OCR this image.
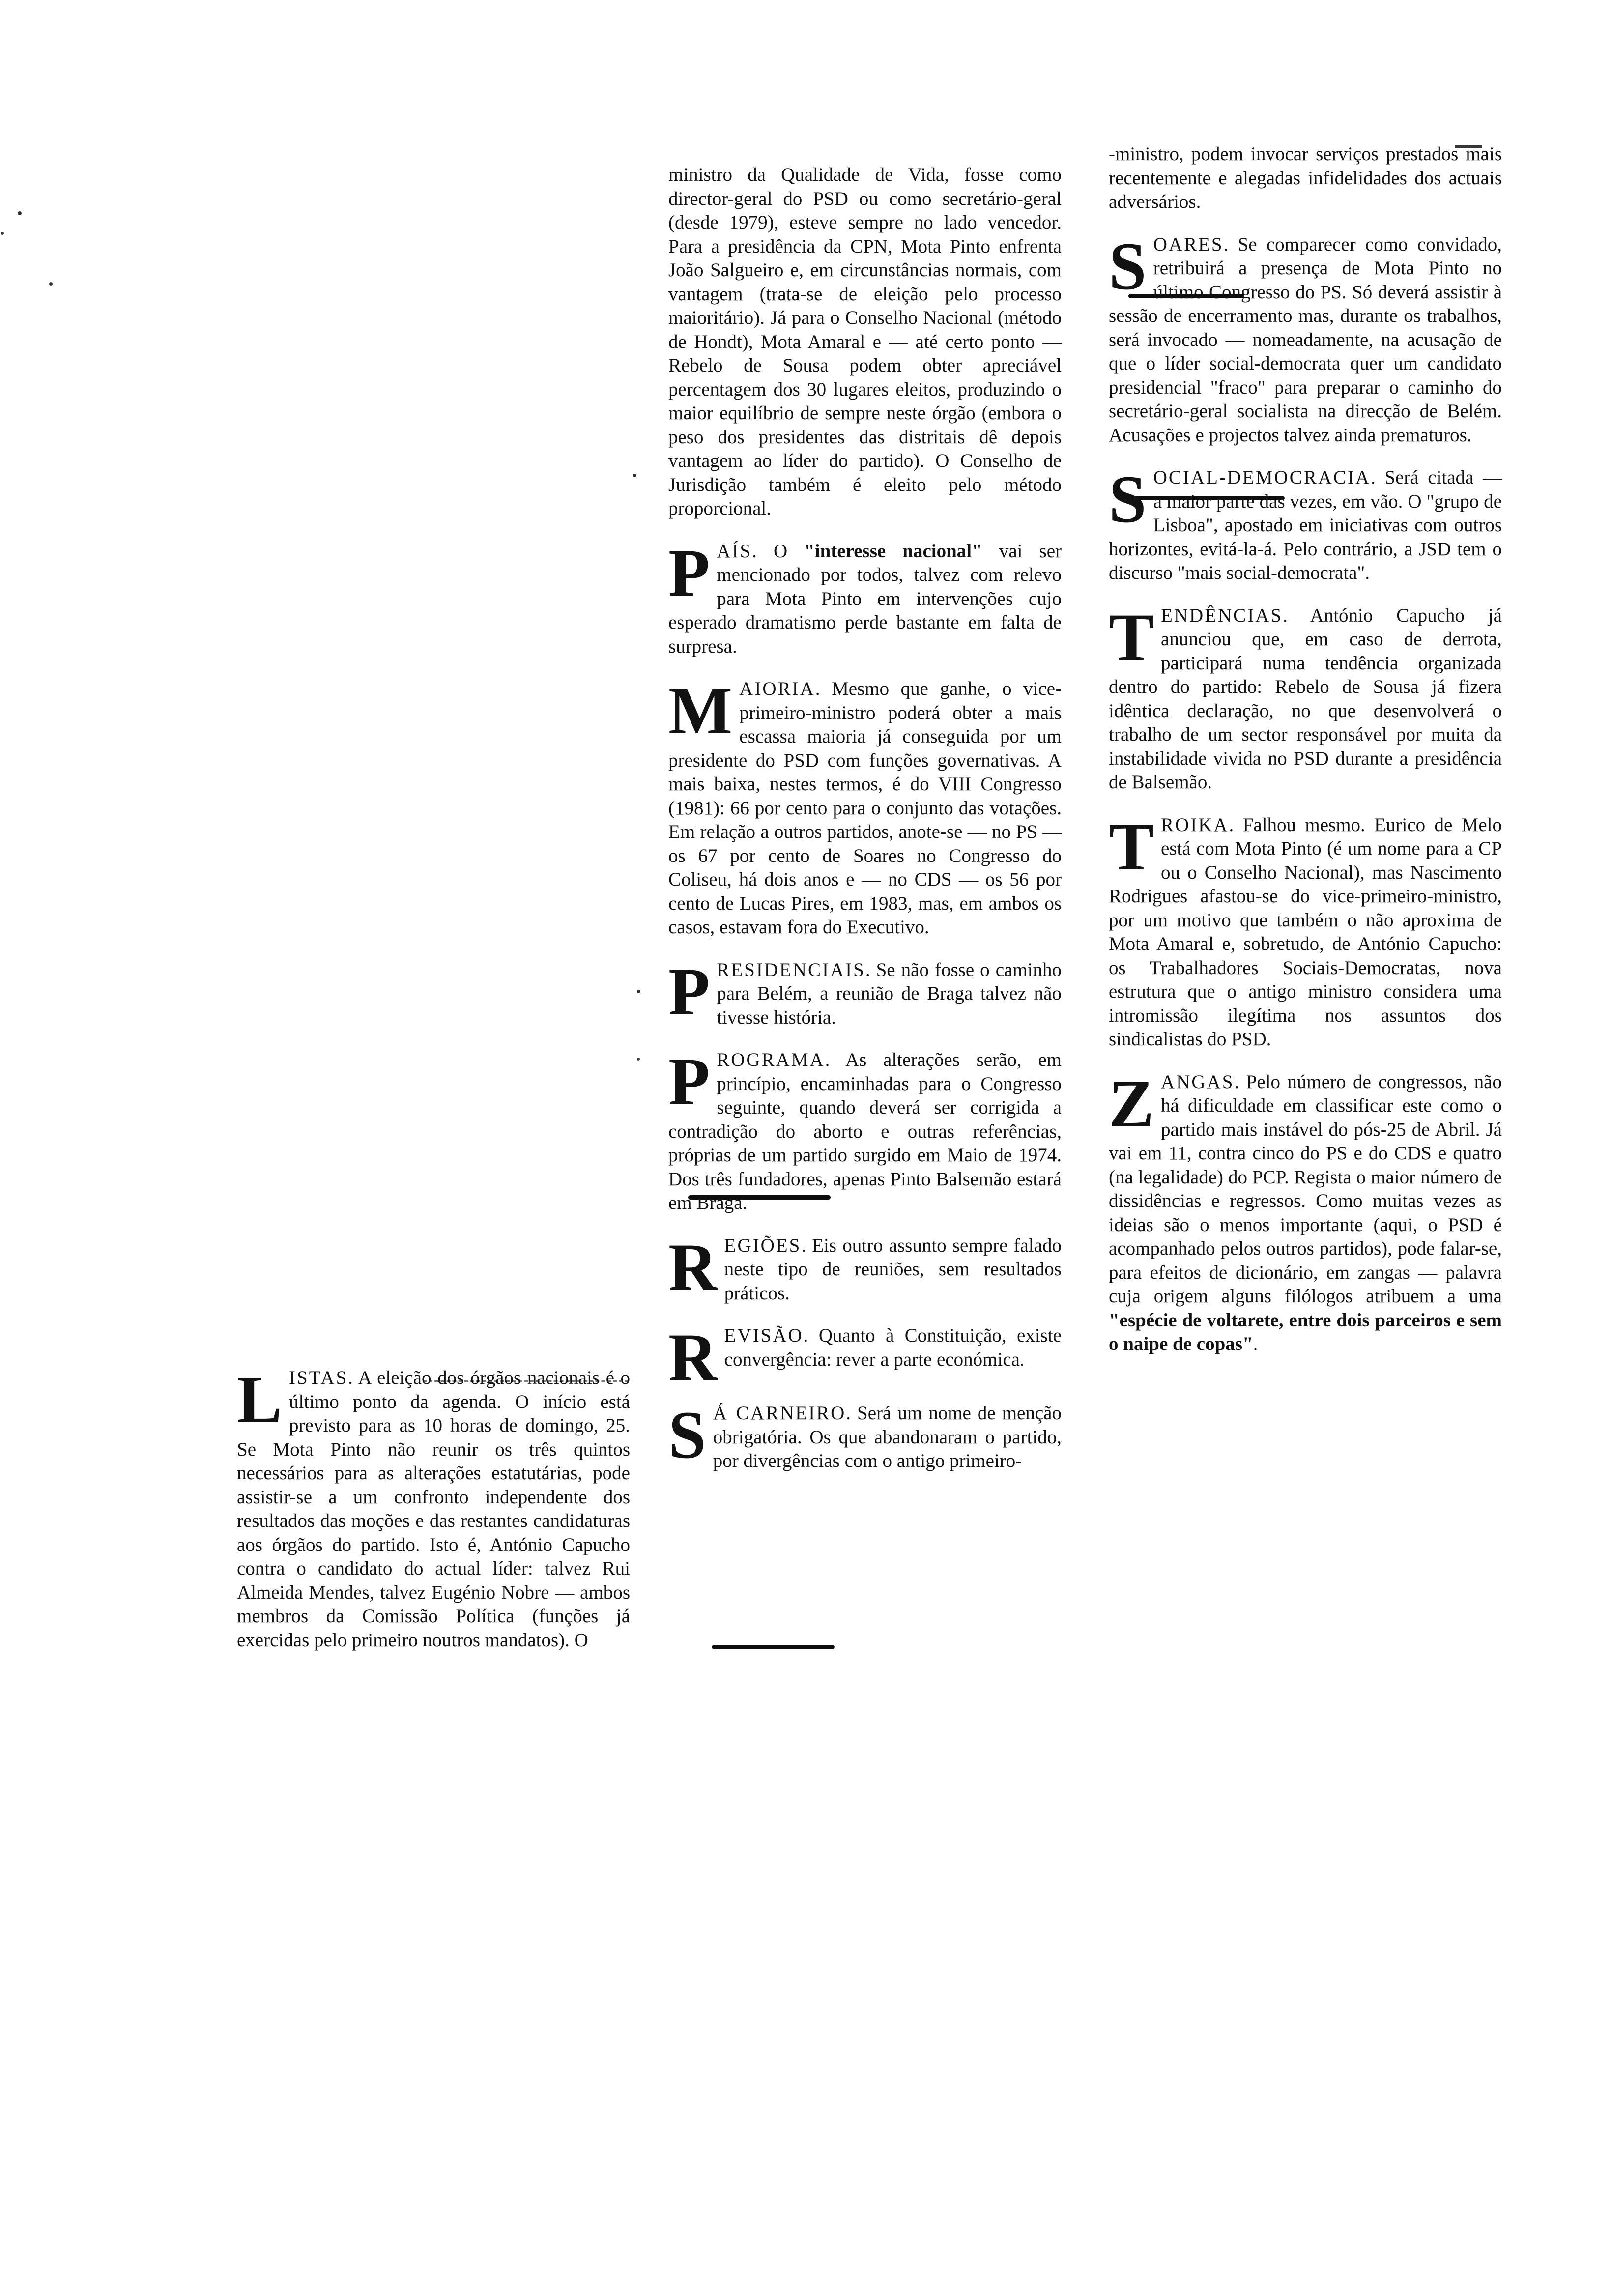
L ISTAS. A eleição dos órgãos nacionais é o último ponto da agenda. O início está previsto para as 10 horas de domingo, 25. Se Mota Pinto não reunir os três quintos necessários para as alterações estatutárias, pode assistir-se a um confronto independente dos resultados das moções e das restantes candidaturas aos órgãos do partido. Isto é, António Capucho contra o candidato do actual líder: talvez Rui Almeida Mendes, talvez Eugénio Nobre — ambos membros da Comissão Política (funções já exercidas pelo primeiro noutros mandatos). O

ministro da Qualidade de Vida, fosse como director-geral do PSD ou como secretário-geral (desde 1979), esteve sempre no lado vencedor. Para a presidência da CPN, Mota Pinto enfrenta João Salgueiro e, em circunstâncias normais, com vantagem (trata-se de eleição pelo processo maioritário). Já para o Conselho Nacional (método de Hondt), Mota Amaral e — até certo ponto — Rebelo de Sousa podem obter apreciável percentagem dos 30 lugares eleitos, produzindo o maior equilíbrio de sempre neste órgão (embora o peso dos presidentes das distritais dê depois vantagem ao líder do partido). O Conselho de Jurisdição também é eleito pelo método proporcional.

P AÍS. O "interesse nacional" vai ser mencionado por todos, talvez com relevo para Mota Pinto em intervenções cujo esperado dramatismo perde bastante em falta de surpresa.

M AIORIA. Mesmo que ganhe, o vice-primeiro-ministro poderá obter a mais escassa maioria já conseguida por um presidente do PSD com funções governativas. A mais baixa, nestes termos, é do VIII Congresso (1981): 66 por cento para o conjunto das votações. Em relação a outros partidos, anote-se — no PS — os 67 por cento de Soares no Congresso do Coliseu, há dois anos e — no CDS — os 56 por cento de Lucas Pires, em 1983, mas, em ambos os casos, estavam fora do Executivo.

P RESIDENCIAIS. Se não fosse o caminho para Belém, a reunião de Braga talvez não tivesse história.

P ROGRAMA. As alterações serão, em princípio, encaminhadas para o Congresso seguinte, quando deverá ser corrigida a contradição do aborto e outras referências, próprias de um partido surgido em Maio de 1974. Dos três fundadores, apenas Pinto Balsemão estará em Braga.

R EGIÕES. Eis outro assunto sempre falado neste tipo de reuniões, sem resultados práticos.

R EVISÃO. Quanto à Constituição, existe convergência: rever a parte económica.

S Á CARNEIRO. Será um nome de menção obrigatória. Os que abandonaram o partido, por divergências com o antigo primeiro-

-ministro, podem invocar serviços prestados mais recentemente e alegadas infidelidades dos actuais adversários.

S OARES. Se comparecer como convidado, retribuirá a presença de Mota Pinto no último Congresso do PS. Só deverá assistir à sessão de encerramento mas, durante os trabalhos, será invocado — nomeadamente, na acusação de que o líder social-democrata quer um candidato presidencial "fraco" para preparar o caminho do secretário-geral socialista na direcção de Belém. Acusações e projectos talvez ainda prematuros.

S OCIAL-DEMOCRACIA. Será citada — a maior parte das vezes, em vão. O "grupo de Lisboa", apostado em iniciativas com outros horizontes, evitá-la-á. Pelo contrário, a JSD tem o discurso "mais social-democrata".

T ENDÊNCIAS. António Capucho já anunciou que, em caso de derrota, participará numa tendência organizada dentro do partido: Rebelo de Sousa já fizera idêntica declaração, no que desenvolverá o trabalho de um sector responsável por muita da instabilidade vivida no PSD durante a presidência de Balsemão.

T ROIKA. Falhou mesmo. Eurico de Melo está com Mota Pinto (é um nome para a CP ou o Conselho Nacional), mas Nascimento Rodrigues afastou-se do vice-primeiro-ministro, por um motivo que também o não aproxima de Mota Amaral e, sobretudo, de António Capucho: os Trabalhadores Sociais-Democratas, nova estrutura que o antigo ministro considera uma intromissão ilegítima nos assuntos dos sindicalistas do PSD.

Z ANGAS. Pelo número de congressos, não há dificuldade em classificar este como o partido mais instável do pós-25 de Abril. Já vai em 11, contra cinco do PS e do CDS e quatro (na legalidade) do PCP. Regista o maior número de dissidências e regressos. Como muitas vezes as ideias são o menos importante (aqui, o PSD é acompanhado pelos outros partidos), pode falar-se, para efeitos de dicionário, em zangas — palavra cuja origem alguns filólogos atribuem a uma "espécie de voltarete, entre dois parceiros e sem o naipe de copas".
